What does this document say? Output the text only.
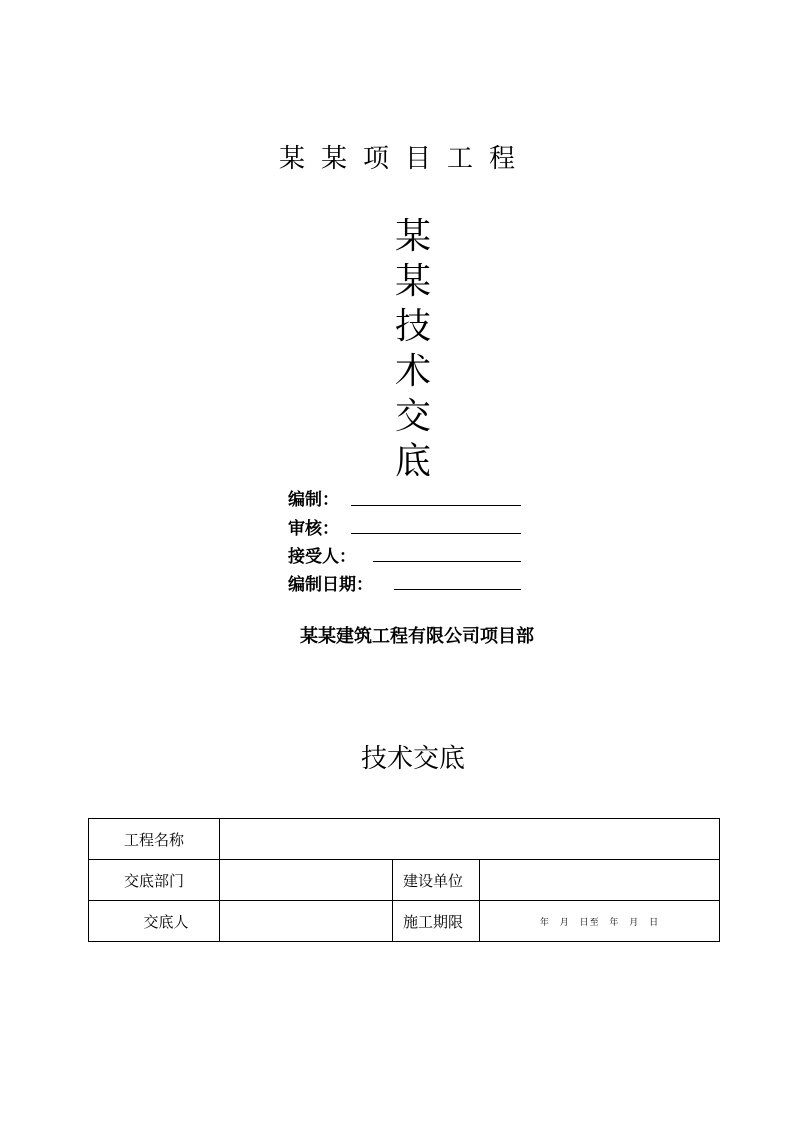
某某项目工程
某
某
技
术
交
底
编制：
审核：
接受人：
编制日期：
某某建筑工程有限公司项目部
技术交底
工程名称			
交底部门		建设单位	
交底人		施工期限	年 月 日至 年 月 日
